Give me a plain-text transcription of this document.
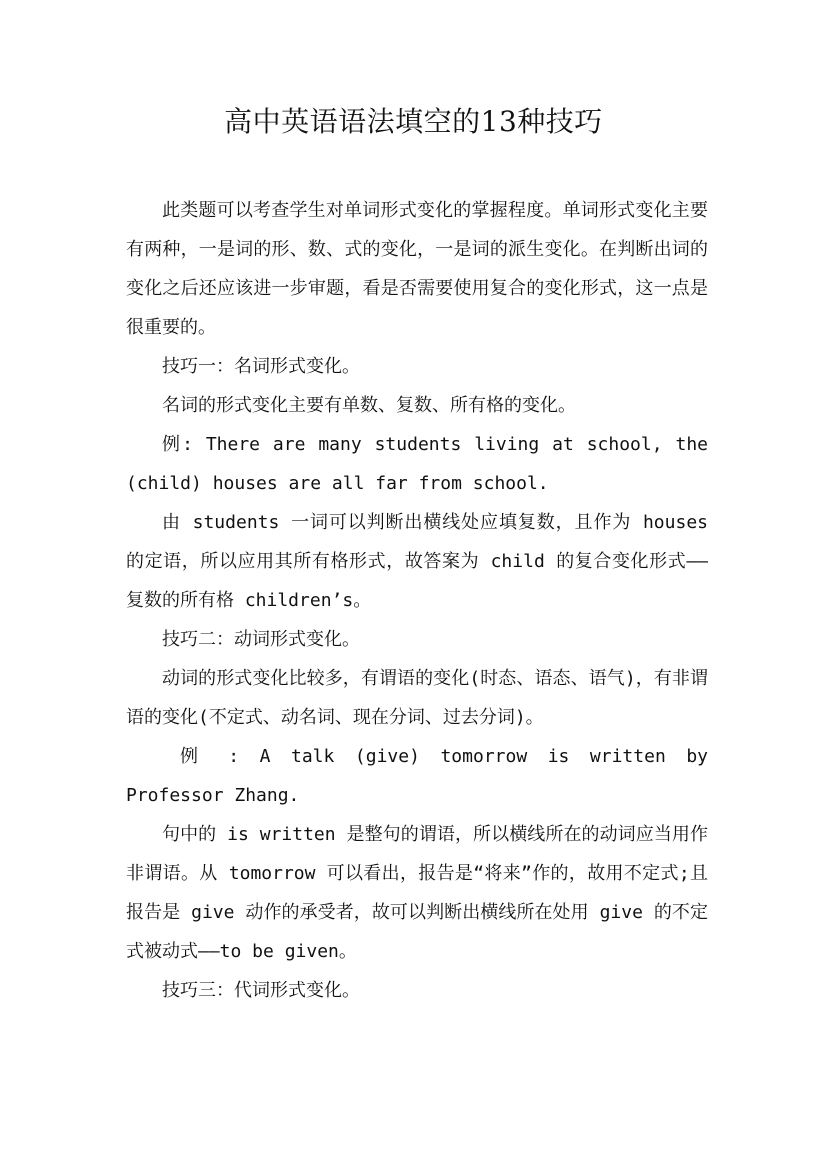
高中英语语法填空的13种技巧

此类题可以考查学生对单词形式变化的掌握程度。单词形式变化主要有两种，一是词的形、数、式的变化，一是词的派生变化。在判断出词的变化之后还应该进一步审题，看是否需要使用复合的变化形式，这一点是很重要的。

技巧一：名词形式变化。

名词的形式变化主要有单数、复数、所有格的变化。

例: There are many students living at school, the (child) houses are all far from school.

由 students 一词可以判断出横线处应填复数，且作为 houses 的定语，所以应用其所有格形式，故答案为 child 的复合变化形式—— 复数的所有格 children’s。

技巧二：动词形式变化。

动词的形式变化比较多，有谓语的变化(时态、语态、语气)，有非谓语的变化(不定式、动名词、现在分词、过去分词)。

例 : A talk (give) tomorrow is written by Professor Zhang.

句中的 is written 是整句的谓语，所以横线所在的动词应当用作非谓语。从 tomorrow 可以看出，报告是“将来”作的，故用不定式;且报告是 give 动作的承受者，故可以判断出横线所在处用 give 的不定式被动式——to be given。

技巧三：代词形式变化。
